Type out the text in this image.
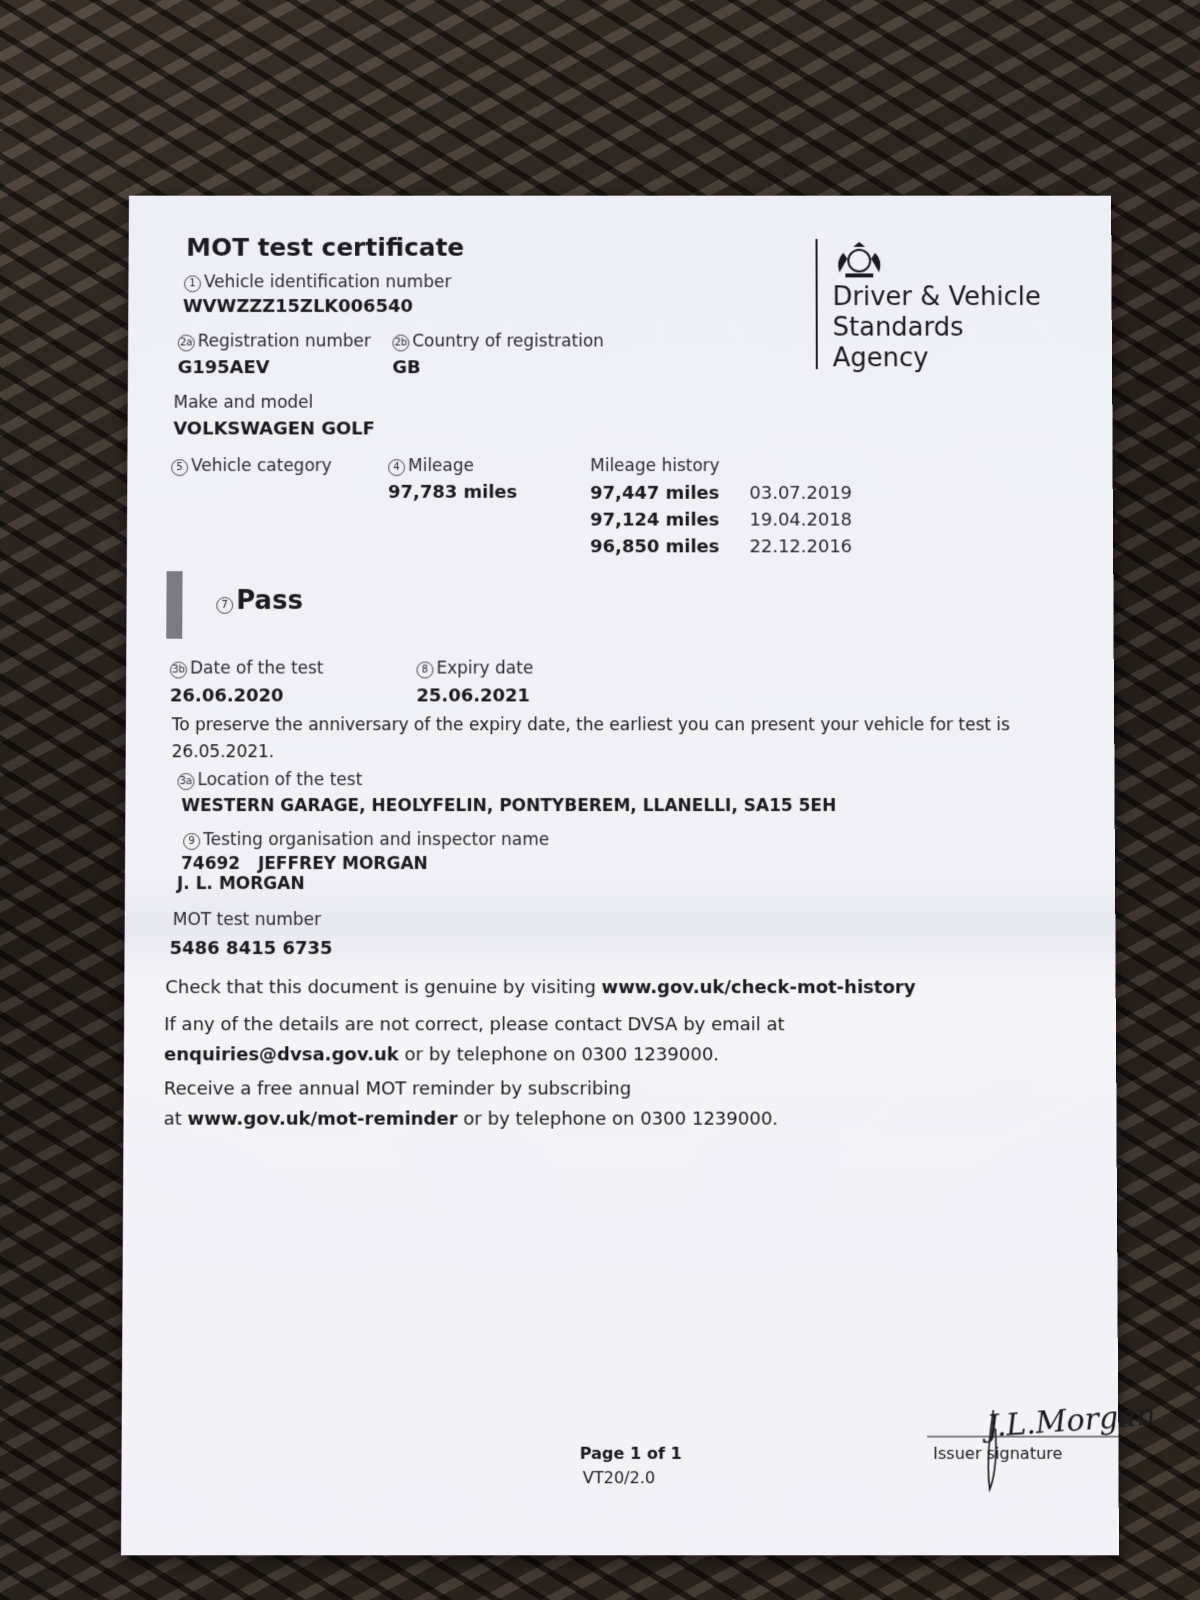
MOT test certificate
Driver & Vehicle
Standards
Agency
1 Vehicle identification number
WVWZZZ15ZLK006540
2a Registration number
G195AEV
2b Country of registration
GB
Make and model
VOLKSWAGEN GOLF
5 Vehicle category	4 Mileage
97,783 miles
Mileage history
97,447 miles 03.07.2019
97,124 miles 19.04.2018
96,850 miles 22.12.2016
7 Pass
3b Date of the test
26.06.2020
8 Expiry date
25.06.2021
To preserve the anniversary of the expiry date, the earliest you can present your vehicle for test is
26.05.2021.
3a Location of the test
WESTERN GARAGE, HEOLYFELIN, PONTYBEREM, LLANELLI, SA15 5EH
9 Testing organisation and inspector name
74692   JEFFREY MORGAN
J. L. MORGAN
MOT test number
5486 8415 6735
Check that this document is genuine by visiting www.gov.uk/check-mot-history
If any of the details are not correct, please contact DVSA by email at
enquiries@dvsa.gov.uk or by telephone on 0300 1239000.
Receive a free annual MOT reminder by subscribing
at www.gov.uk/mot-reminder or by telephone on 0300 1239000.
Page 1 of 1
VT20/2.0
J.L.Morgan
Issuer signature
